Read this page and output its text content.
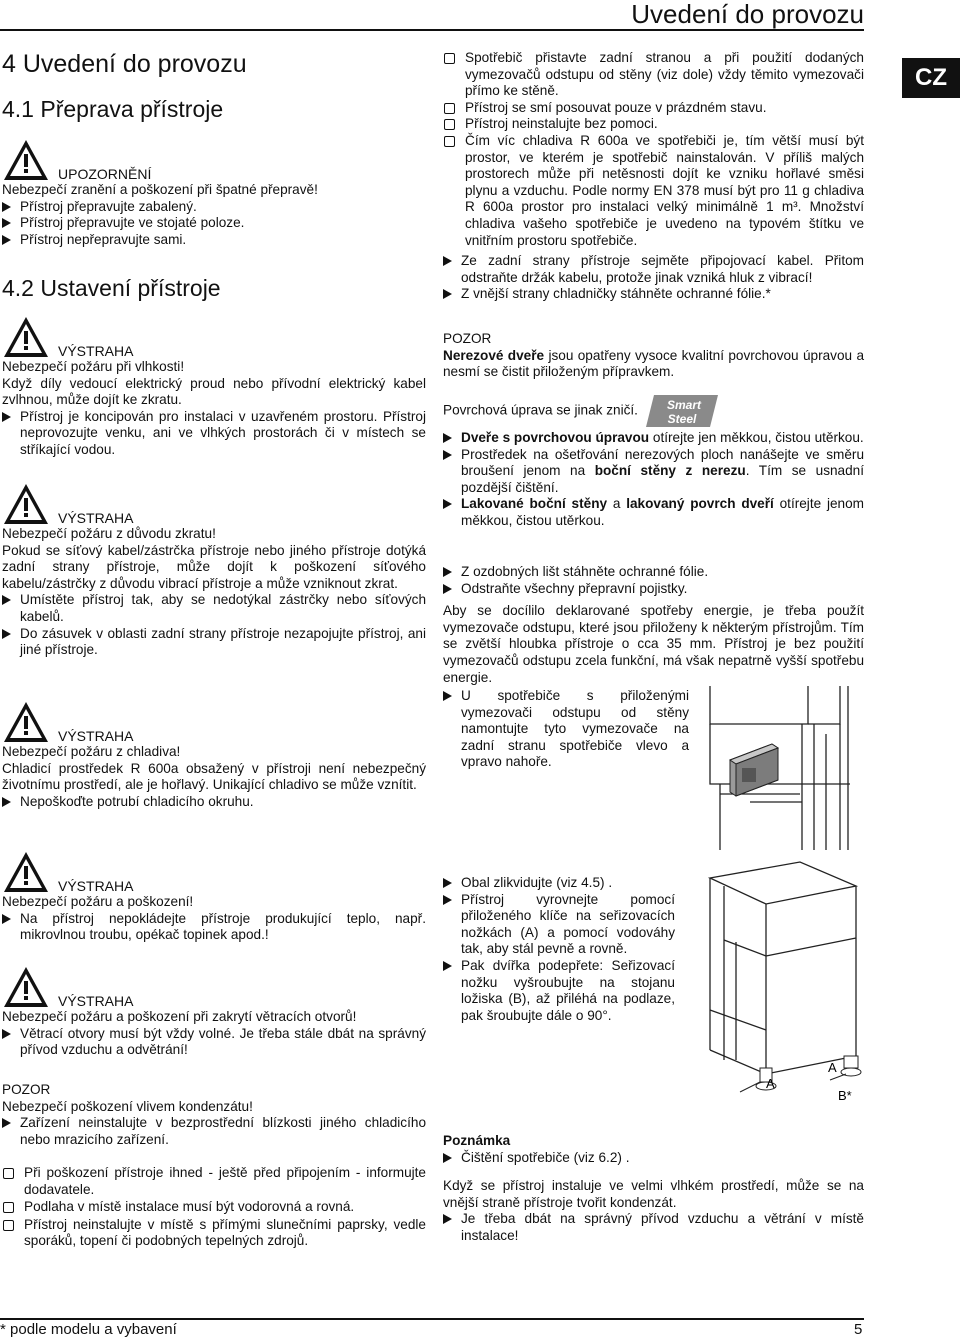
Uvedení do provozu
CZ
4 Uvedení do provozu
4.1 Přeprava přístroje
UPOZORNĚNÍ

Nebezpečí zranění a poškození při špatné přepravě!

Přístroj přepravujte zabalený.
Přístroj přepravujte ve stojaté poloze.
Přístroj nepřepravujte sami.
4.2 Ustavení přístroje
VÝSTRAHA

Nebezpečí požáru při vlhkosti!

Když díly vedoucí elektrický proud nebo přívodní elektrický kabel zvlhnou, může dojít ke zkratu.

Přístroj je koncipován pro instalaci v uzavřeném prostoru. Přístroj neprovozujte venku, ani ve vlhkých prostorách či v místech se stříkající vodou.
VÝSTRAHA

Nebezpečí požáru z důvodu zkratu!

Pokud se síťový kabel/zástrčka přístroje nebo jiného přístroje dotýká zadní strany přístroje, může dojít k poškození síťového kabelu/zástrčky z důvodu vibrací přístroje a může vzniknout zkrat.

Umístěte přístroj tak, aby se nedotýkal zástrčky nebo síťových kabelů.
Do zásuvek v oblasti zadní strany přístroje nezapojujte přístroj, ani jiné přístroje.
VÝSTRAHA

Nebezpečí požáru z chladiva!

Chladicí prostředek R 600a obsažený v přístroji není nebezpečný životnímu prostředí, ale je hořlavý. Unikající chladivo se může vznítit.

Nepoškoďte potrubí chladicího okruhu.
VÝSTRAHA

Nebezpečí požáru a poškození!

Na přístroj nepokládejte přístroje produkující teplo, např. mikrovlnou troubu, opékač topinek apod.!
VÝSTRAHA

Nebezpečí požáru a poškození při zakrytí větracích otvorů!

Větrací otvory musí být vždy volné. Je třeba stále dbát na správný přívod vzduchu a odvětrání!

POZOR

Nebezpečí poškození vlivem kondenzátu!

Zařízení neinstalujte v bezprostřední blízkosti jiného chladicího nebo mrazicího zařízení.
Při poškození přístroje ihned - ještě před připojením - informujte dodavatele.
Podlaha v místě instalace musí být vodorovná a rovná.
Přístroj neinstalujte v místě s přímými slunečními paprsky, vedle sporáků, topení či podobných tepelných zdrojů.
Spotřebič přistavte zadní stranou a při použití dodaných vymezovačů odstupu od stěny (viz dole) vždy těmito vymezovači přímo ke stěně.
Přístroj se smí posouvat pouze v prázdném stavu.
Přístroj neinstalujte bez pomoci.
Čím víc chladiva R 600a ve spotřebiči je, tím větší musí být prostor, ve kterém je spotřebič nainstalován. V příliš malých prostorech může při netěsnosti dojít ke vzniku hořlavé směsi plynu a vzduchu. Podle normy EN 378 musí být pro 11 g chladiva R 600a prostor pro instalaci velký minimálně 1 m³. Množství chladiva vašeho spotřebiče je uvedeno na typovém štítku ve vnitřním prostoru spotřebiče.
Ze zadní strany přístroje sejměte připojovací kabel. Přitom odstraňte držák kabelu, protože jinak vzniká hluk z vibrací!
Z vnější strany chladničky stáhněte ochranné fólie.*

POZOR

Nerezové dveře jsou opatřeny vysoce kvalitní povrchovou úpravou a nesmí se čistit přiloženým přípravkem.

Povrchová úprava se jinak zničí. Smart
Steel

Dveře s povrchovou úpravou otírejte jen měkkou, čistou utěrkou.
Prostředek na ošetřování nerezových ploch nanášejte ve směru broušení jenom na boční stěny z nerezu. Tím se usnadní pozdější čištění.
Lakované boční stěny a lakovaný povrch dveří otírejte jenom měkkou, čistou utěrkou.
Z ozdobných lišt stáhněte ochranné fólie.
Odstraňte všechny přepravní pojistky.

Aby se docílilo deklarované spotřeby energie, je třeba použít vymezovače odstupu, které jsou přiloženy k některým přístrojům. Tím se zvětší hloubka přístroje o cca 35 mm. Přístroj je bez použití vymezovačů odstupu zcela funkční, má však nepatrně vyšší spotřebu energie.

U spotřebiče s přiloženými vymezovači odstupu od stěny namontujte tyto vymezovače na zadní stranu spotřebiče vlevo a vpravo nahoře.
Obal zlikvidujte (viz 4.5) .
Přístroj vyrovnejte pomocí přiloženého klíče na seřizovacích nožkách (A) a pomocí vodováhy tak, aby stál pevně a rovně.
Pak dvířka podepřete: Seřizovací nožku vyšroubujte na stojanu ložiska (B), až přiléhá na podlaze, pak šroubujte dále o 90°.
A
A
B*

Poznámka

Čištění spotřebiče (viz 6.2) .

Když se přístroj instaluje ve velmi vlhkém prostředí, může se na vnější straně přístroje tvořit kondenzát.

Je třeba dbát na správný přívod vzduchu a větrání v místě instalace!
* podle modelu a vybavení	5
